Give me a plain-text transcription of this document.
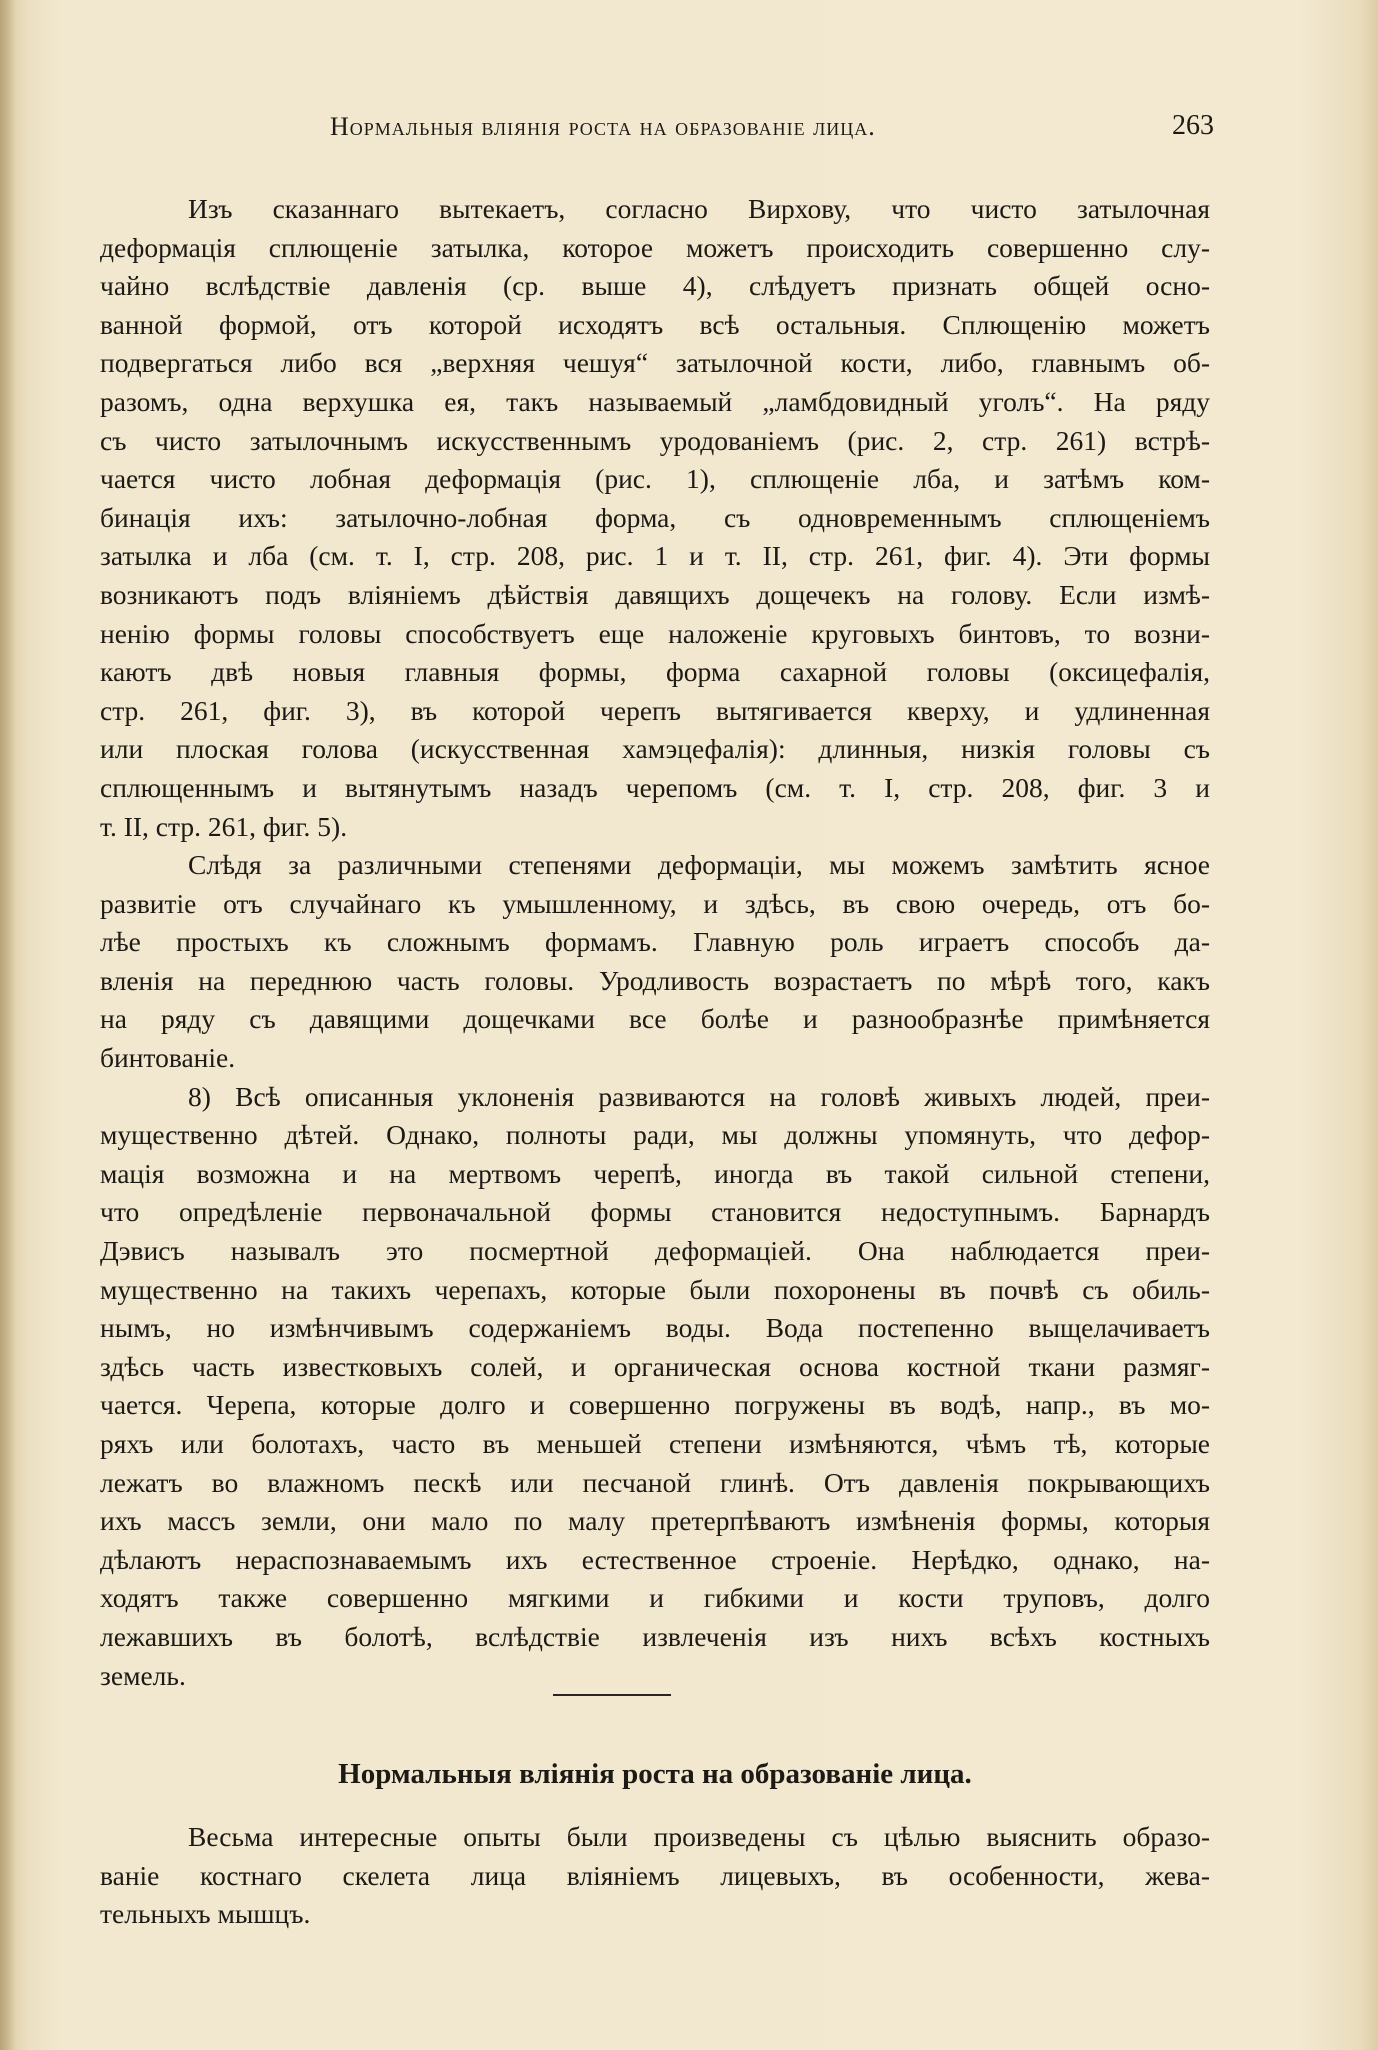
Нормальныя вліянія роста на образованіе лица.	263
Изъ сказаннаго вытекаетъ, согласно Вирхову, что чисто затылочная
деформація сплющеніе затылка, которое можетъ происходить совершенно слу-
чайно вслѣдствіе давленія (ср. выше 4), слѣдуетъ признать общей осно-
ванной формой, отъ которой исходятъ всѣ остальныя. Сплющенію можетъ
подвергаться либо вся „верхняя чешуя“ затылочной кости, либо, главнымъ об-
разомъ, одна верхушка ея, такъ называемый „ламбдовидный уголъ“. На ряду
съ чисто затылочнымъ искусственнымъ уродованіемъ (рис. 2, стр. 261) встрѣ-
чается чисто лобная деформація (рис. 1), сплющеніе лба, и затѣмъ ком-
бинація ихъ: затылочно-лобная форма, съ одновременнымъ сплющеніемъ
затылка и лба (см. т. I, стр. 208, рис. 1 и т. II, стр. 261, фиг. 4). Эти формы
возникаютъ подъ вліяніемъ дѣйствія давящихъ дощечекъ на голову. Если измѣ-
ненію формы головы способствуетъ еще наложеніе круговыхъ бинтовъ, то возни-
каютъ двѣ новыя главныя формы, форма сахарной головы (оксицефалія,
стр. 261, фиг. 3), въ которой черепъ вытягивается кверху, и удлиненная
или плоская голова (искусственная хамэцефалія): длинныя, низкія головы съ
сплющеннымъ и вытянутымъ назадъ черепомъ (см. т. I, стр. 208, фиг. 3 и
т. II, стр. 261, фиг. 5).
Слѣдя за различными степенями деформаціи, мы можемъ замѣтить ясное
развитіе отъ случайнаго къ умышленному, и здѣсь, въ свою очередь, отъ бо-
лѣе простыхъ къ сложнымъ формамъ. Главную роль играетъ способъ да-
вленія на переднюю часть головы. Уродливость возрастаетъ по мѣрѣ того, какъ
на ряду съ давящими дощечками все болѣе и разнообразнѣе примѣняется
бинтованіе.
8) Всѣ описанныя уклоненія развиваются на головѣ живыхъ людей, преи-
мущественно дѣтей. Однако, полноты ради, мы должны упомянуть, что дефор-
мація возможна и на мертвомъ черепѣ, иногда въ такой сильной степени,
что опредѣленіе первоначальной формы становится недоступнымъ. Барнардъ
Дэвисъ называлъ это посмертной деформаціей. Она наблюдается преи-
мущественно на такихъ черепахъ, которые были похоронены въ почвѣ съ обиль-
нымъ, но измѣнчивымъ содержаніемъ воды. Вода постепенно выщелачиваетъ
здѣсь часть известковыхъ солей, и органическая основа костной ткани размяг-
чается. Черепа, которые долго и совершенно погружены въ водѣ, напр., въ мо-
ряхъ или болотахъ, часто въ меньшей степени измѣняются, чѣмъ тѣ, которые
лежатъ во влажномъ пескѣ или песчаной глинѣ. Отъ давленія покрывающихъ
ихъ массъ земли, они мало по малу претерпѣваютъ измѣненія формы, которыя
дѣлаютъ нераспознаваемымъ ихъ естественное строеніе. Нерѣдко, однако, на-
ходятъ также совершенно мягкими и гибкими и кости труповъ, долго
лежавшихъ въ болотѣ, вслѣдствіе извлеченія изъ нихъ всѣхъ костныхъ
земель.
Нормальныя вліянія роста на образованіе лица.
Весьма интересные опыты были произведены съ цѣлью выяснить образо-
ваніе костнаго скелета лица вліяніемъ лицевыхъ, въ особенности, жева-
тельныхъ мышцъ.
